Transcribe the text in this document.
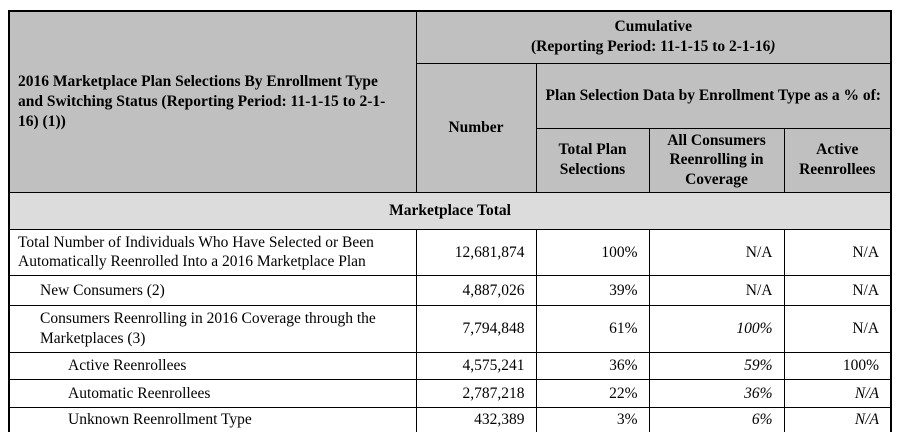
2016 Marketplace Plan Selections By Enrollment Type and Switching Status (Reporting Period: 11-1-15 to 2-1-16) (1))	Cumulative
(Reporting Period: 11-1-15 to 2-1-16)			

	Number	Plan Selection Data by Enrollment Type as a % of:		
		Total Plan Selections	All Consumers Reenrolling in Coverage	Active Reenrollees
Marketplace Total				
Total Number of Individuals Who Have Selected or Been Automatically Reenrolled Into a 2016 Marketplace Plan	12,681,874	100%	N/A	N/A
New Consumers (2)	4,887,026	39%	N/A	N/A
Consumers Reenrolling in 2016 Coverage through the Marketplaces (3)	7,794,848	61%	100%	N/A
Active Reenrollees	4,575,241	36%	59%	100%
Automatic Reenrollees	2,787,218	22%	36%	N/A
Unknown Reenrollment Type	432,389	3%	6%	N/A
